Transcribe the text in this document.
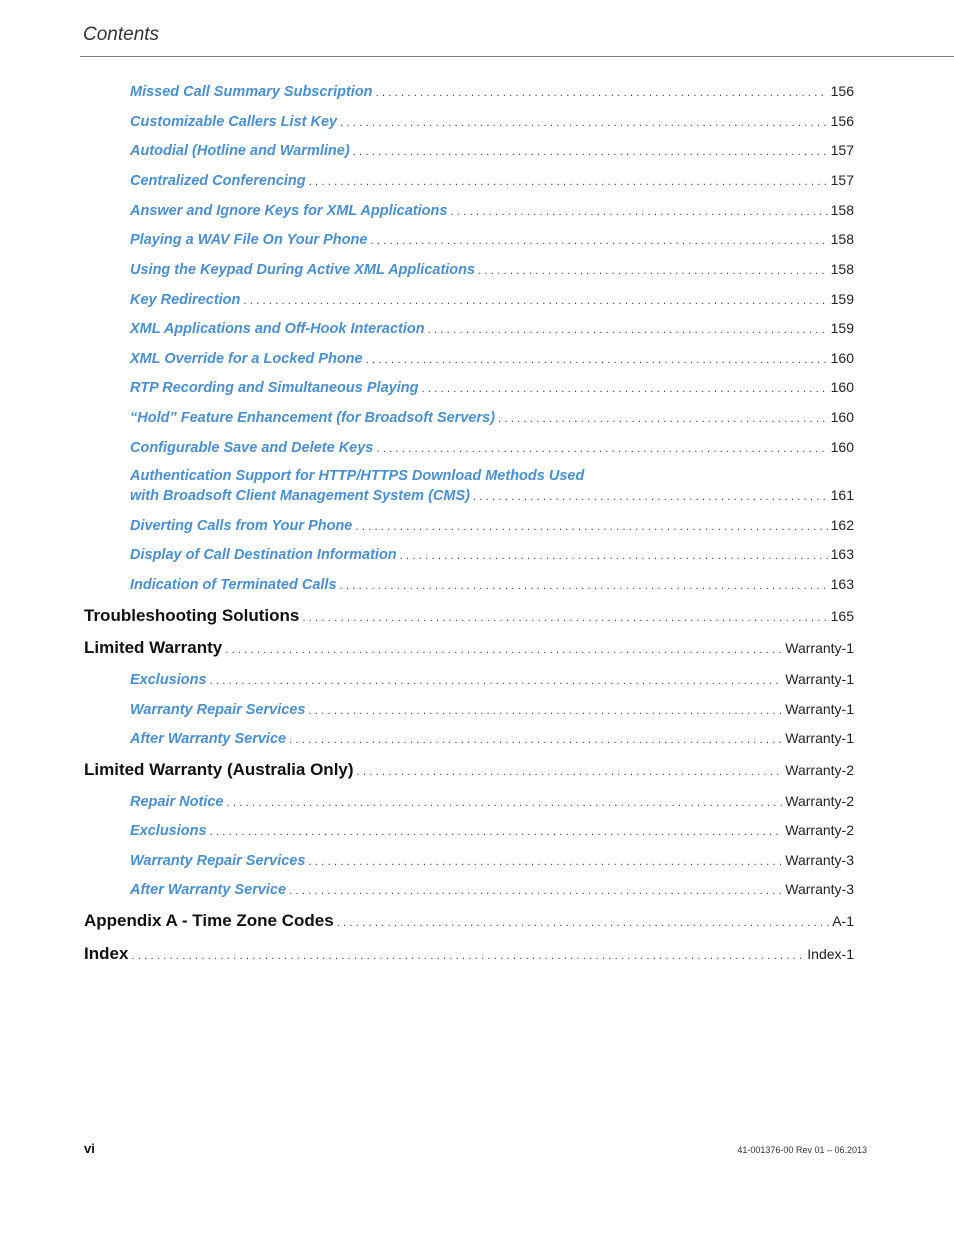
Contents
Missed Call Summary Subscription . . .	156
Customizable Callers List Key . . .	156
Autodial (Hotline and Warmline) . . .	157
Centralized Conferencing . . .	157
Answer and Ignore Keys for XML Applications . . .	158
Playing a WAV File On Your Phone . . .	158
Using the Keypad During Active XML Applications . . .	158
Key Redirection . . .	159
XML Applications and Off-Hook Interaction . . .	159
XML Override for a Locked Phone . . .	160
RTP Recording and Simultaneous Playing . . .	160
“Hold” Feature Enhancement (for Broadsoft Servers) . . .	160
Configurable Save and Delete Keys . . .	160
Authentication Support for HTTP/HTTPS Download Methods Used
with Broadsoft Client Management System (CMS) . . .	161
Diverting Calls from Your Phone . . .	162
Display of Call Destination Information . . .	163
Indication of Terminated Calls . . .	163
Troubleshooting Solutions . . .	165
Limited Warranty . . .	Warranty-1
Exclusions . . .	Warranty-1
Warranty Repair Services . . .	Warranty-1
After Warranty Service . . .	Warranty-1
Limited Warranty (Australia Only) . . .	Warranty-2
Repair Notice . . .	Warranty-2
Exclusions . . .	Warranty-2
Warranty Repair Services . . .	Warranty-3
After Warranty Service . . .	Warranty-3
Appendix A - Time Zone Codes . . .	A-1
Index . . .	Index-1
vi	41-001376-00 Rev 01 – 06.2013
